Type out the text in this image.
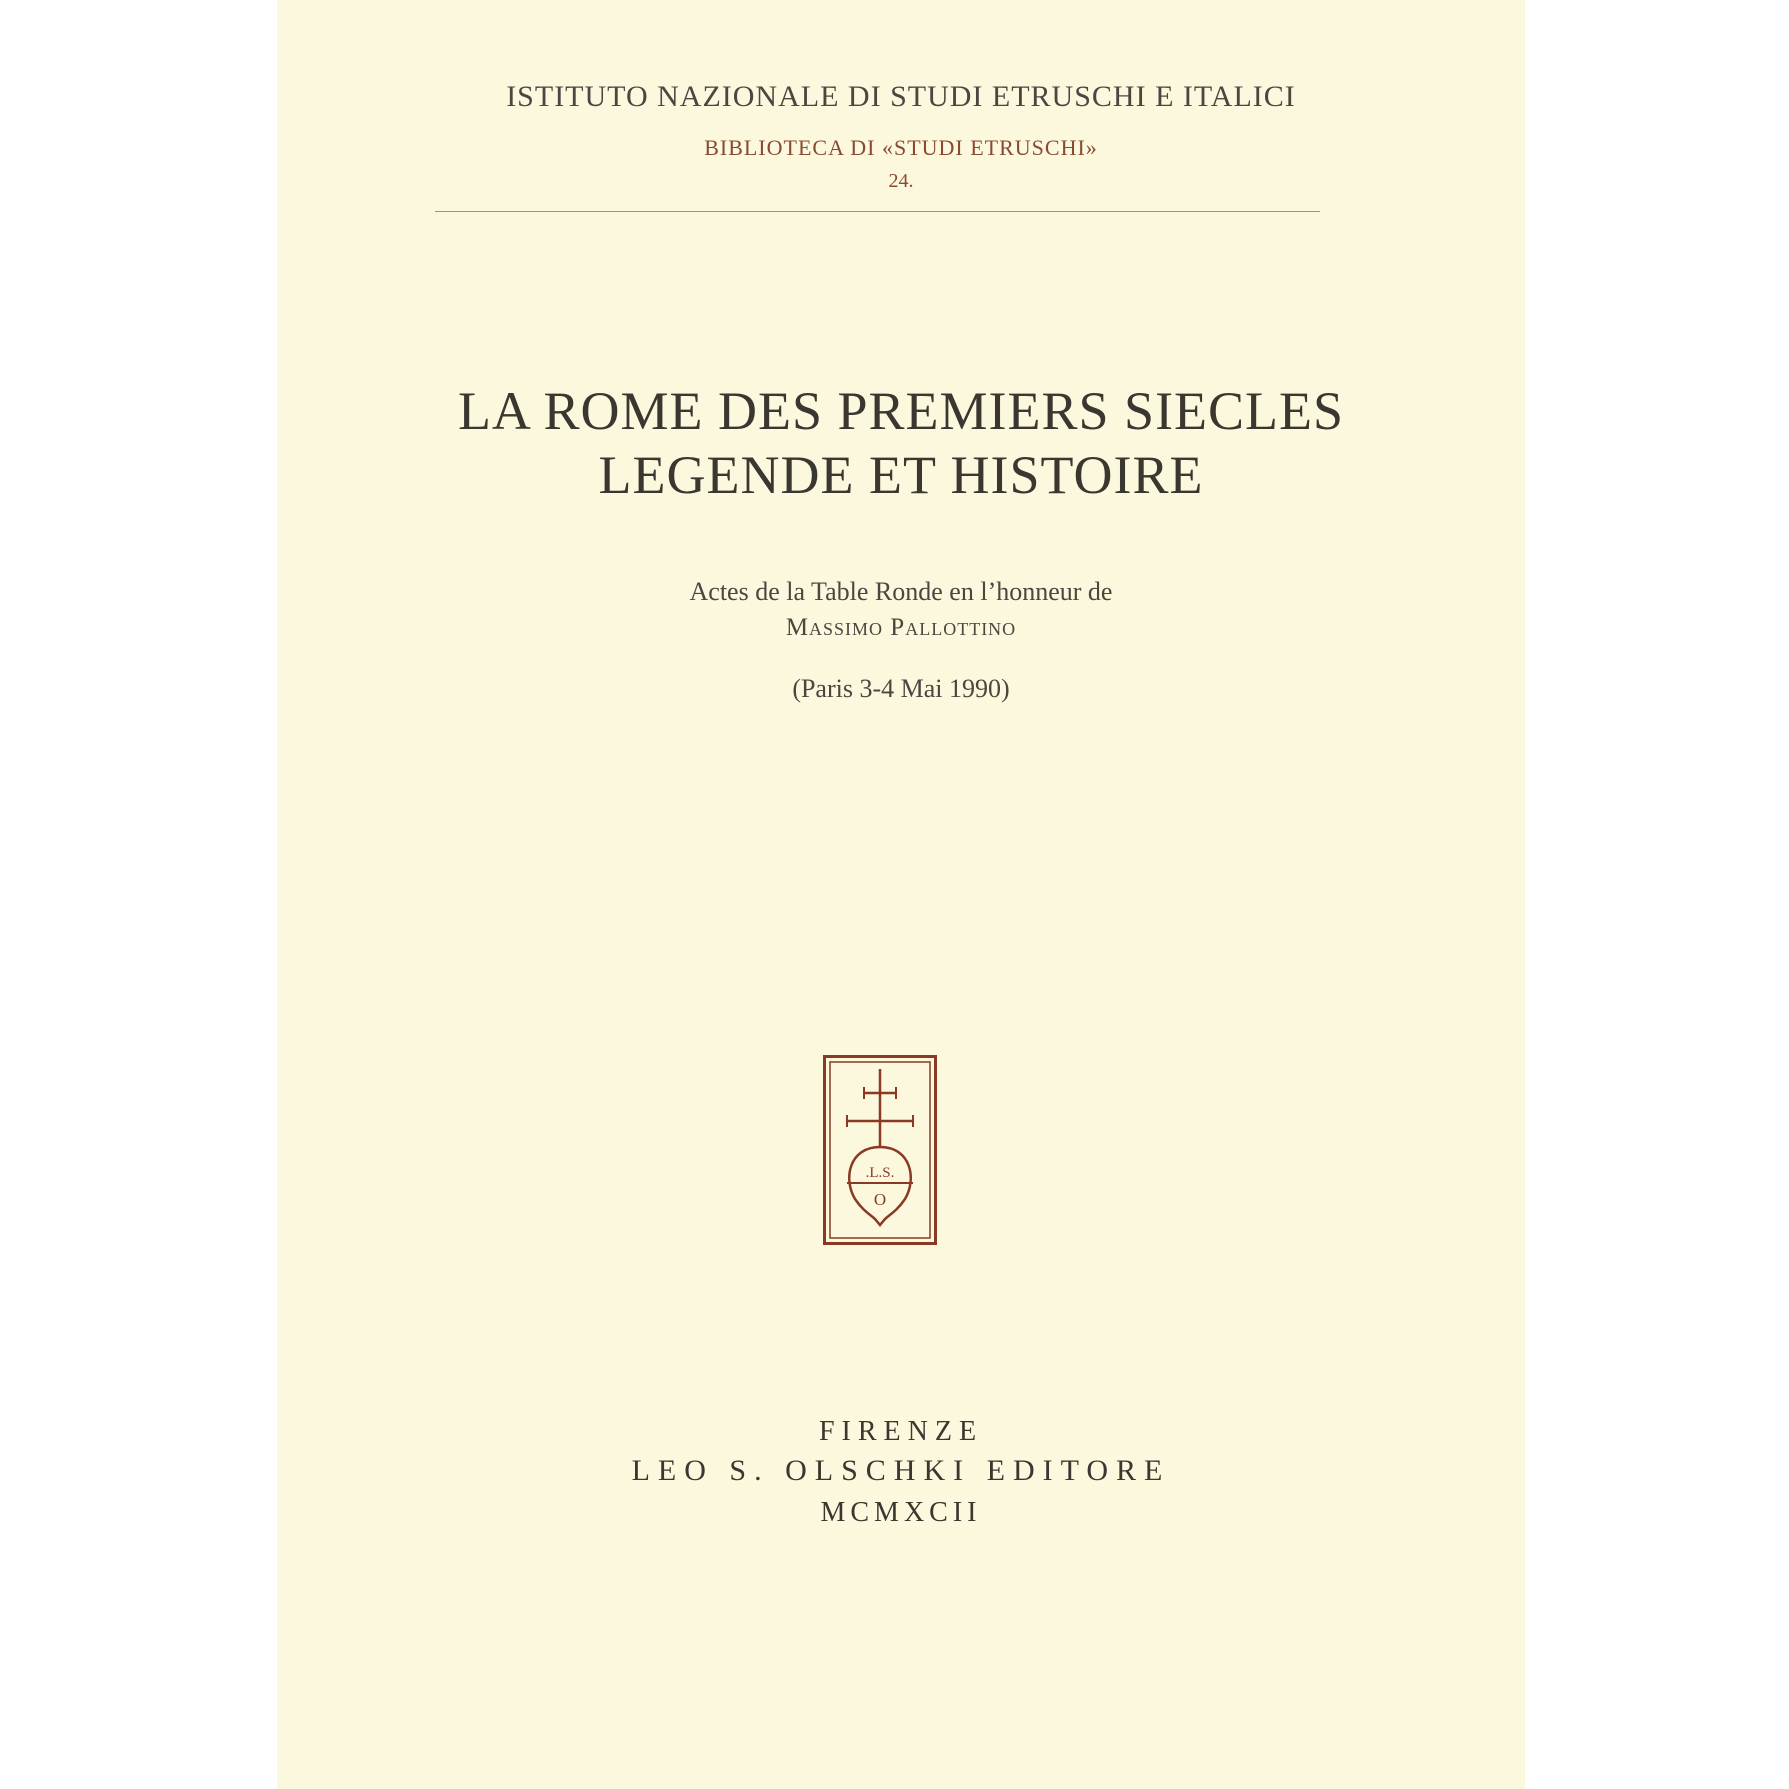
ISTITUTO NAZIONALE DI STUDI ETRUSCHI E ITALICI
BIBLIOTECA DI «STUDI ETRUSCHI»
24.
LA ROME DES PREMIERS SIECLES
LEGENDE ET HISTOIRE
Actes de la Table Ronde en l’honneur de
Massimo Pallottino
(Paris 3-4 Mai 1990)
.L.S.
O
FIRENZE
LEO S. OLSCHKI EDITORE
MCMXCII
